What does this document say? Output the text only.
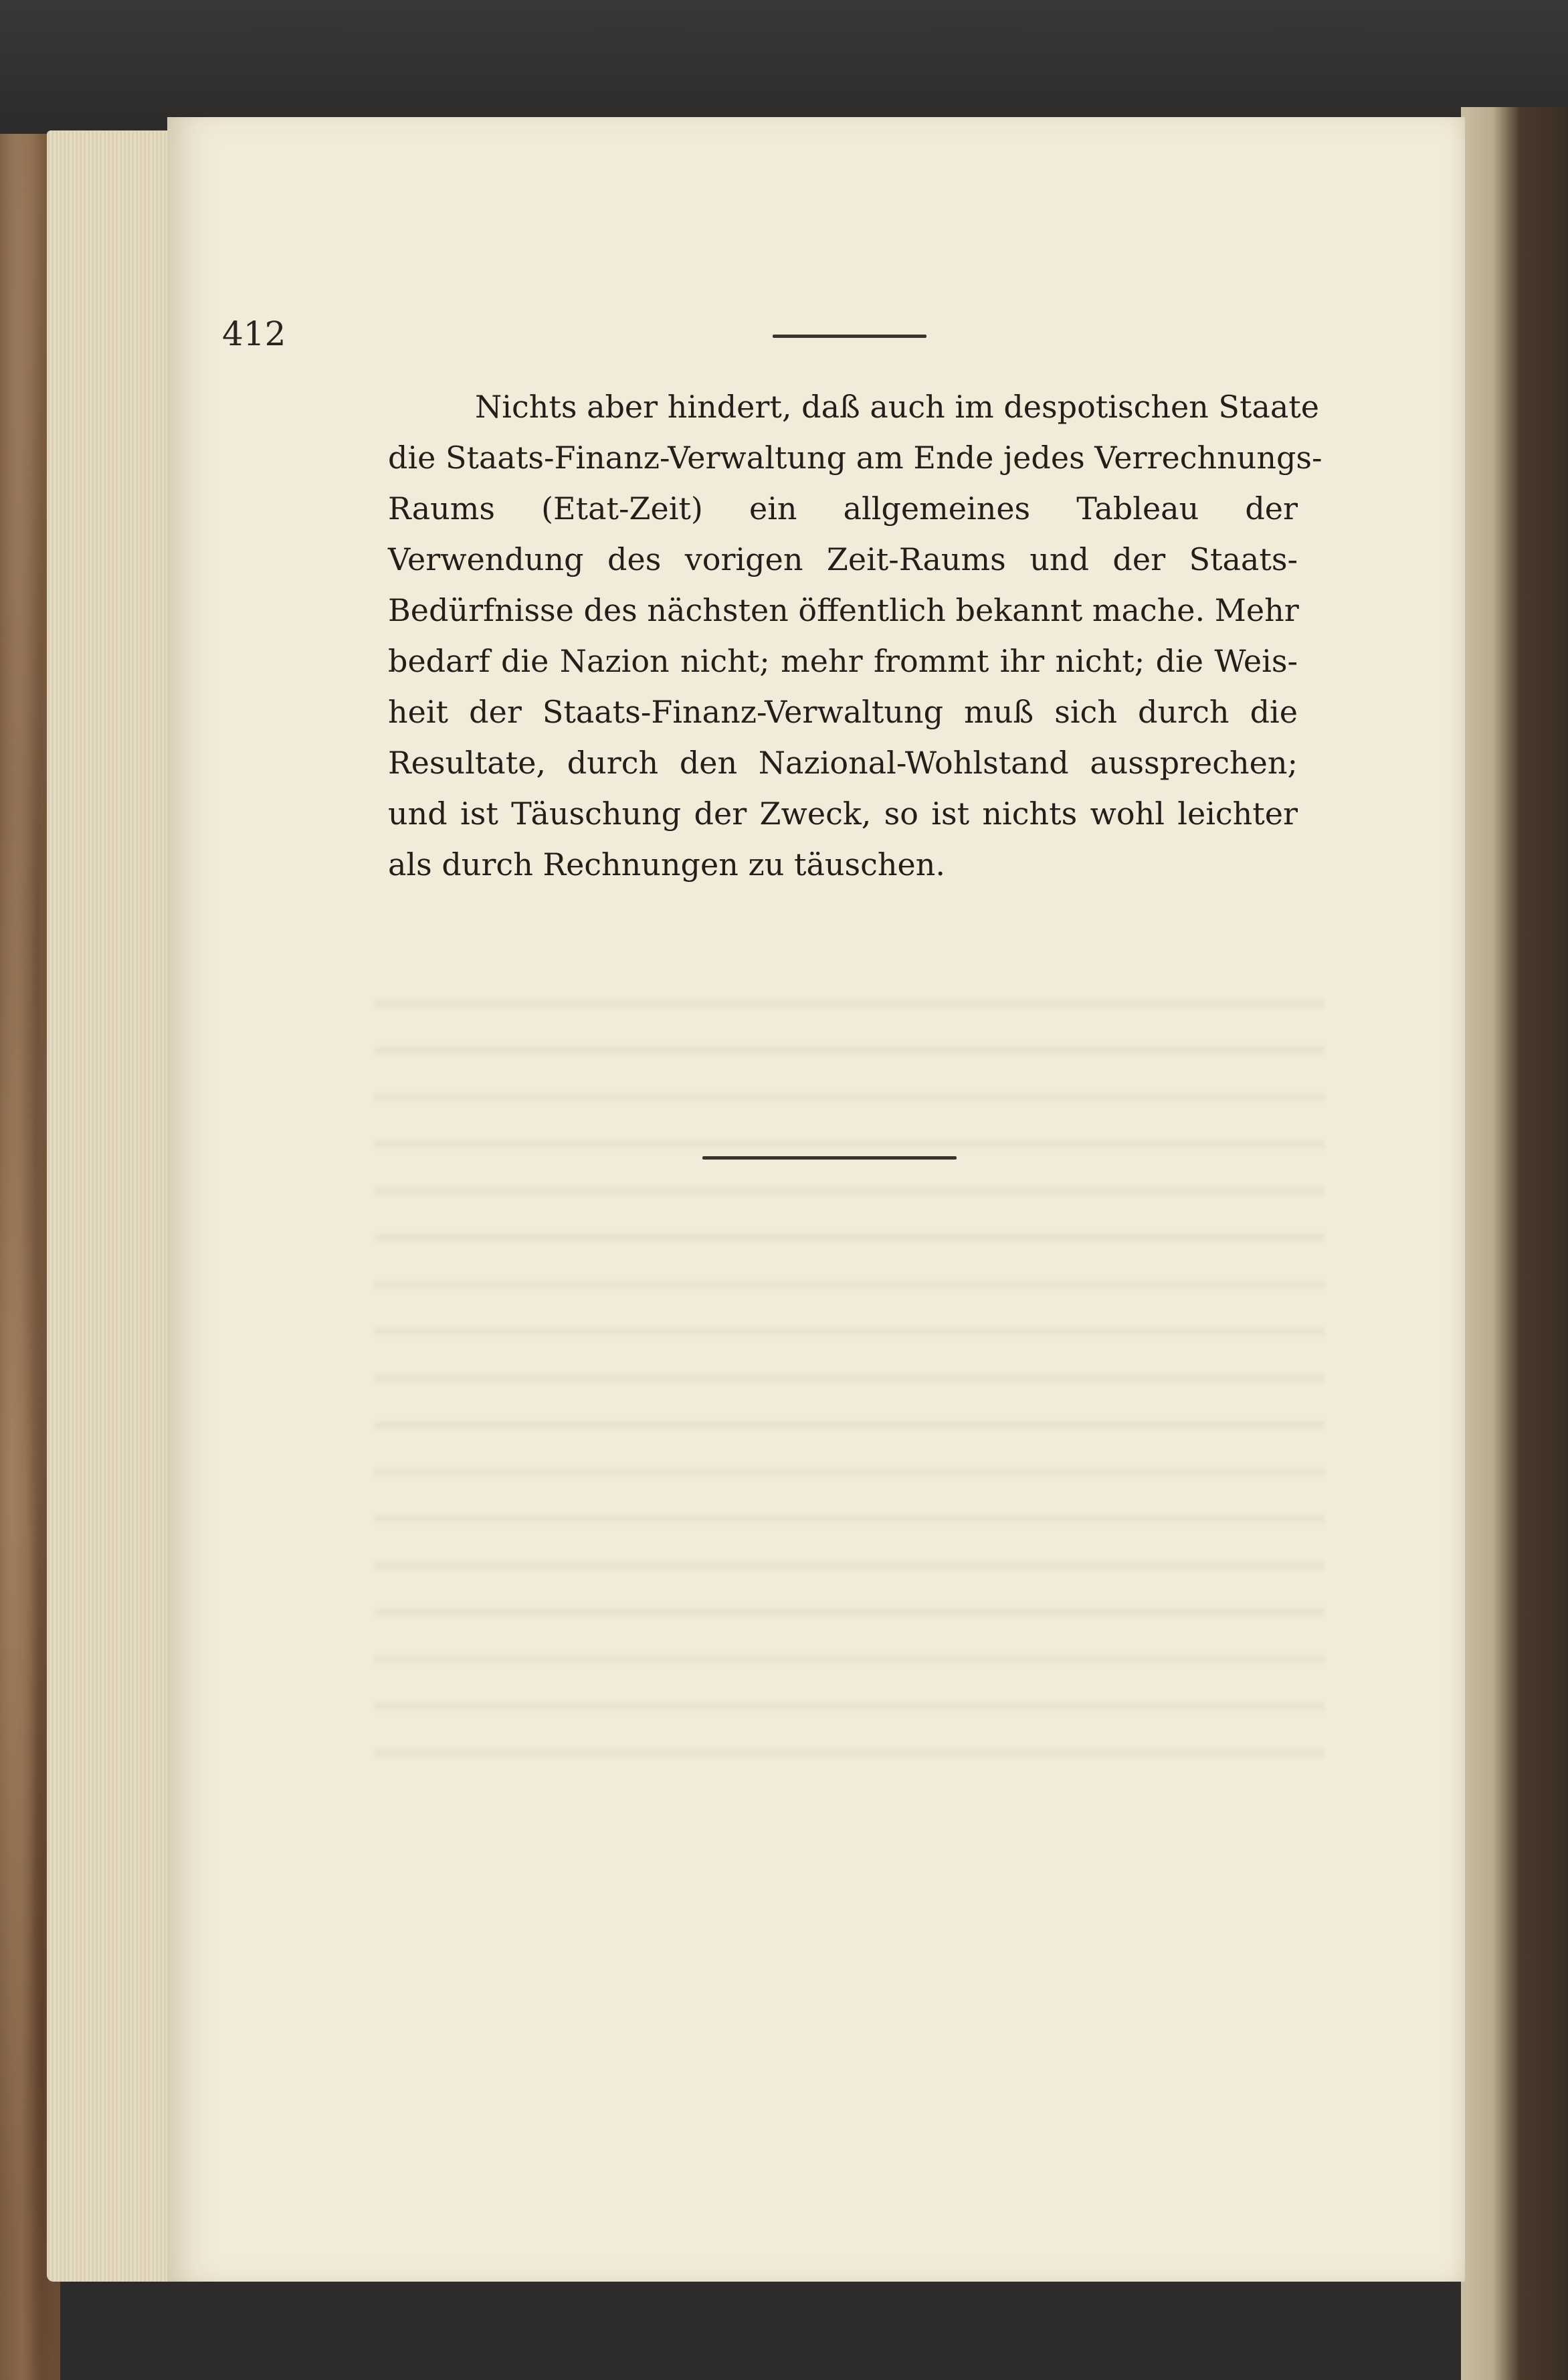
412

Nichts aber hindert, daß auch im despotischen Staate
die Staats-Finanz-Verwaltung am Ende jedes Verrechnungs-
Raums (Etat-Zeit) ein allgemeines Tableau der
Verwendung des vorigen Zeit-Raums und der Staats-
Bedürfnisse des nächsten öffentlich bekannt mache. Mehr
bedarf die Nazion nicht; mehr frommt ihr nicht; die Weis-
heit der Staats-Finanz-Verwaltung muß sich durch die
Resultate, durch den Nazional-Wohlstand aussprechen;
und ist Täuschung der Zweck, so ist nichts wohl leichter
als durch Rechnungen zu täuschen.
